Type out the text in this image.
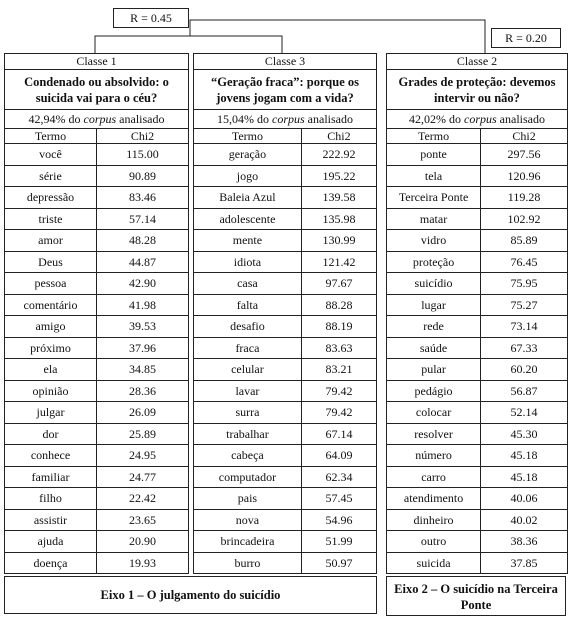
R = 0.45
R = 0.20
Classe 1
Condenado ou absolvido: o suicida vai para o céu?
42,94% do corpus analisado
Termo	Chi2
você	115.00
série	90.89
depressão	83.46
triste	57.14
amor	48.28
Deus	44.87
pessoa	42.90
comentário	41.98
amigo	39.53
próximo	37.96
ela	34.85
opinião	28.36
julgar	26.09
dor	25.89
conhece	24.95
familiar	24.77
filho	22.42
assistir	23.65
ajuda	20.90
doença	19.93
Classe 3
“Geração fraca”: porque os jovens jogam com a vida?
15,04% do corpus analisado
Termo	Chi2
geração	222.92
jogo	195.22
Baleia Azul	139.58
adolescente	135.98
mente	130.99
idiota	121.42
casa	97.67
falta	88.28
desafio	88.19
fraca	83.63
celular	83.21
lavar	79.42
surra	79.42
trabalhar	67.14
cabeça	64.09
computador	62.34
pais	57.45
nova	54.96
brincadeira	51.99
burro	50.97
Classe 2
Grades de proteção: devemos intervir ou não?
42,02% do corpus analisado
Termo	Chi2
ponte	297.56
tela	120.96
Terceira Ponte	119.28
matar	102.92
vidro	85.89
proteção	76.45
suicídio	75.95
lugar	75.27
rede	73.14
saúde	67.33
pular	60.20
pedágio	56.87
colocar	52.14
resolver	45.30
número	45.18
carro	45.18
atendimento	40.06
dinheiro	40.02
outro	38.36
suicida	37.85
Eixo 1 – O julgamento do suicídio	Eixo 2 – O suicídio na Terceira Ponte
